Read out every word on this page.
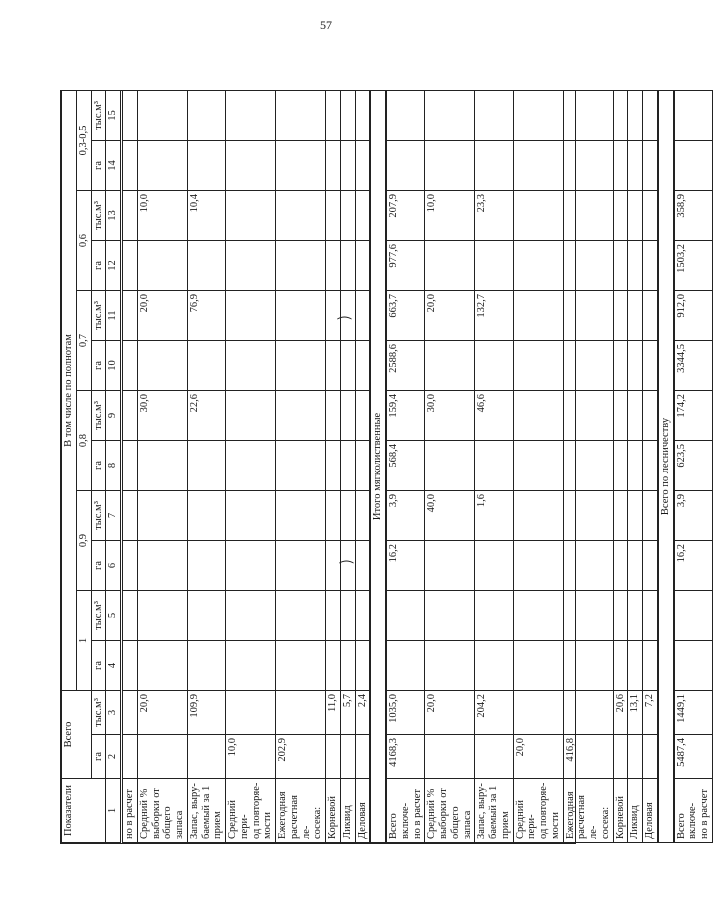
57
⁀
⁀
Показатели	Всего		В том числе по полнотам											
			1		0,9		0,8		0,7		0,6		0,3-0,5	
	га	тыс.м³	га	тыс.м³	га	тыс.м³	га	тыс.м³	га	тыс.м³	га	тыс.м³	га	тыс.м³
1	2	3	4	5	6	7	8	9	10	11	12	13	14	15
но в расчет														
Средний %
выборки от
общего запаса		20,0						30,0		20,0		10,0		
Запас, выру-
баемый за 1
прием		109,9						22,6		76,9		10,4		
Средний пери-
од повторяе-
мости	10,0													
Ежегодная
расчетная ле-
сосека:	202,9													
Корневой		11,0												
Ликвид		5,7												
Деловая		2,4												
Итого мягколиственные														
Всего включе-
но в расчет	4168,3	1035,0			16,2	3,9	568,4	159,4	2588,6	663,7	977,6	207,9		
Средний %
выборки от
общего запаса		20,0				40,0		30,0		20,0		10,0		
Запас, выру-
баемый за 1
прием		204,2				1,6		46,6		132,7		23,3		
Средний пери-
од повторяе-
мости	20,0													
Ежегодная
расчетная ле-
сосека:	416,8													
Корневой		20,6												
Ликвид		13,1												
Деловая		7,2												
Всего по лесничеству														
Всего включе-
но в расчет	5487,4	1449,1			16,2	3,9	623,5	174,2	3344,5	912,0	1503,2	358,9		
